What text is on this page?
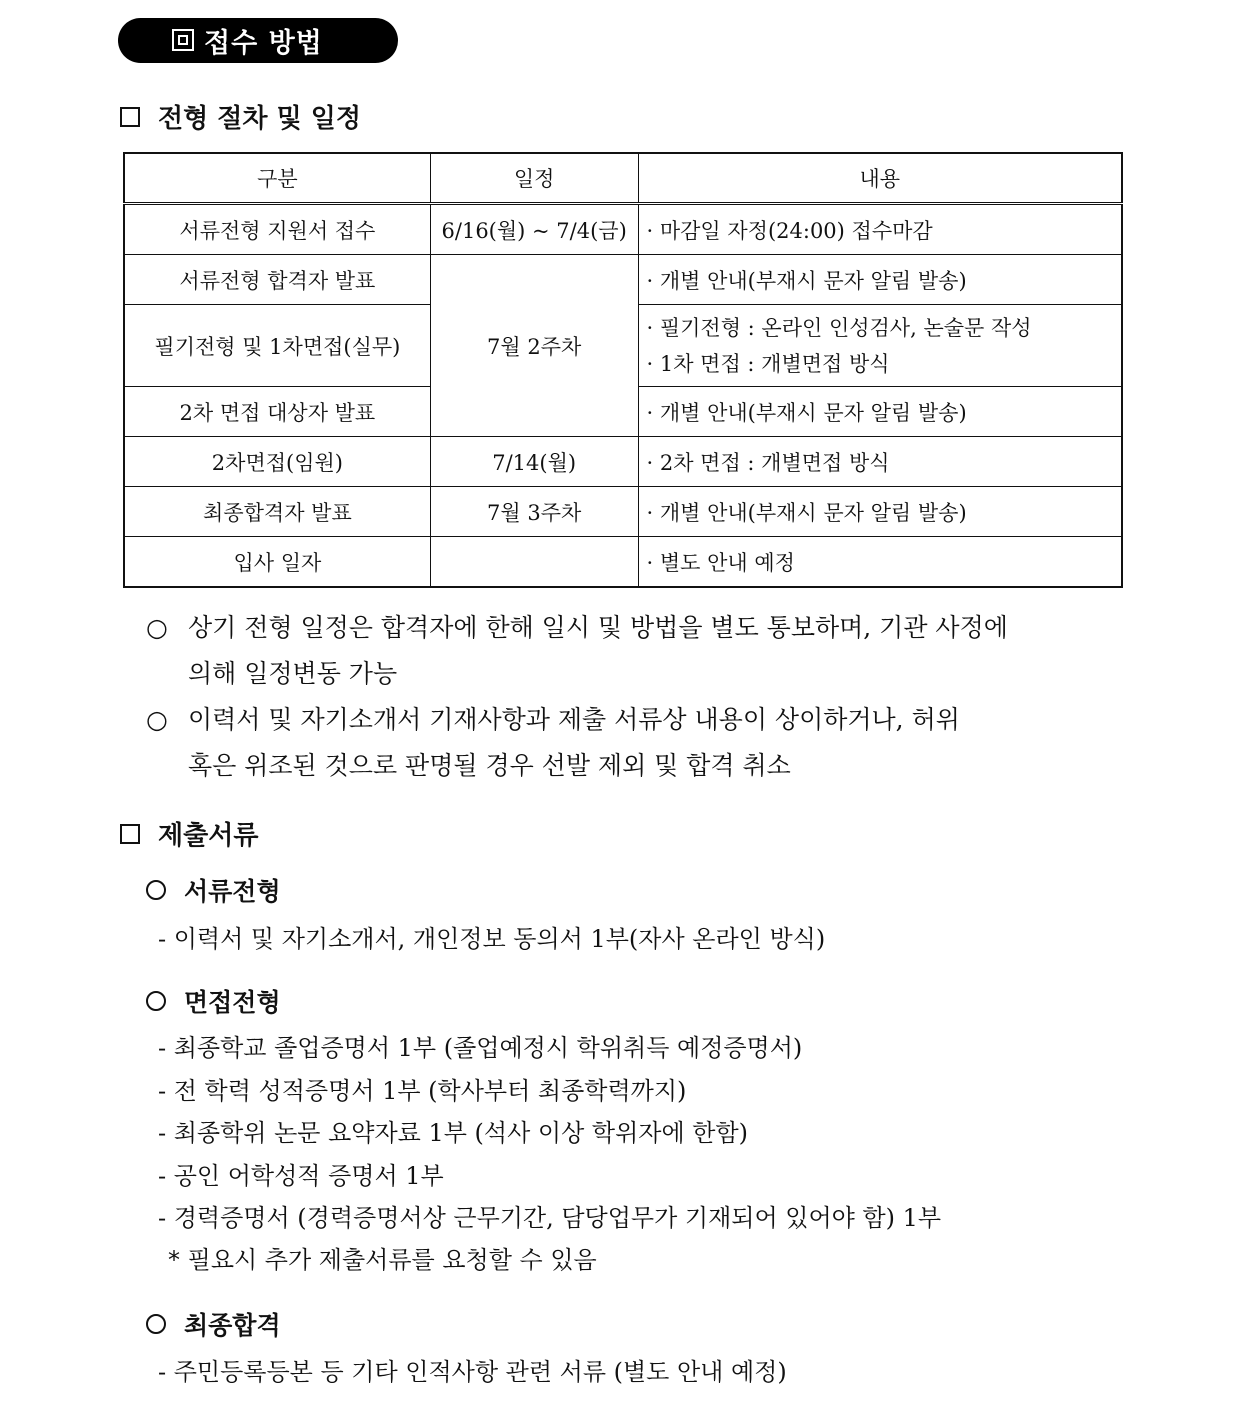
접수 방법
전형 절차 및 일정
구분	일정	내용
서류전형 지원서 접수	6/16(월) ~ 7/4(금)	· 마감일 자정(24:00) 접수마감
서류전형 합격자 발표	7월 2주차	· 개별 안내(부재시 문자 알림 발송)
필기전형 및 1차면접(실무)		· 필기전형 : 온라인 인성검사, 논술문 작성
· 1차 면접 : 개별면접 방식

2차 면접 대상자 발표		· 개별 안내(부재시 문자 알림 발송)
2차면접(임원)	7/14(월)	· 2차 면접 : 개별면접 방식
최종합격자 발표	7월 3주차	· 개별 안내(부재시 문자 알림 발송)
입사 일자		· 별도 안내 예정
○ 상기 전형 일정은 합격자에 한해 일시 및 방법을 별도 통보하며, 기관 사정에
의해 일정변동 가능
○ 이력서 및 자기소개서 기재사항과 제출 서류상 내용이 상이하거나, 허위
혹은 위조된 것으로 판명될 경우 선발 제외 및 합격 취소
제출서류
서류전형
- 이력서 및 자기소개서, 개인정보 동의서 1부(자사 온라인 방식)
면접전형
- 최종학교 졸업증명서 1부 (졸업예정시 학위취득 예정증명서)
- 전 학력 성적증명서 1부 (학사부터 최종학력까지)
- 최종학위 논문 요약자료 1부 (석사 이상 학위자에 한함)
- 공인 어학성적 증명서 1부
- 경력증명서 (경력증명서상 근무기간, 담당업무가 기재되어 있어야 함) 1부
* 필요시 추가 제출서류를 요청할 수 있음
최종합격
- 주민등록등본 등 기타 인적사항 관련 서류 (별도 안내 예정)
